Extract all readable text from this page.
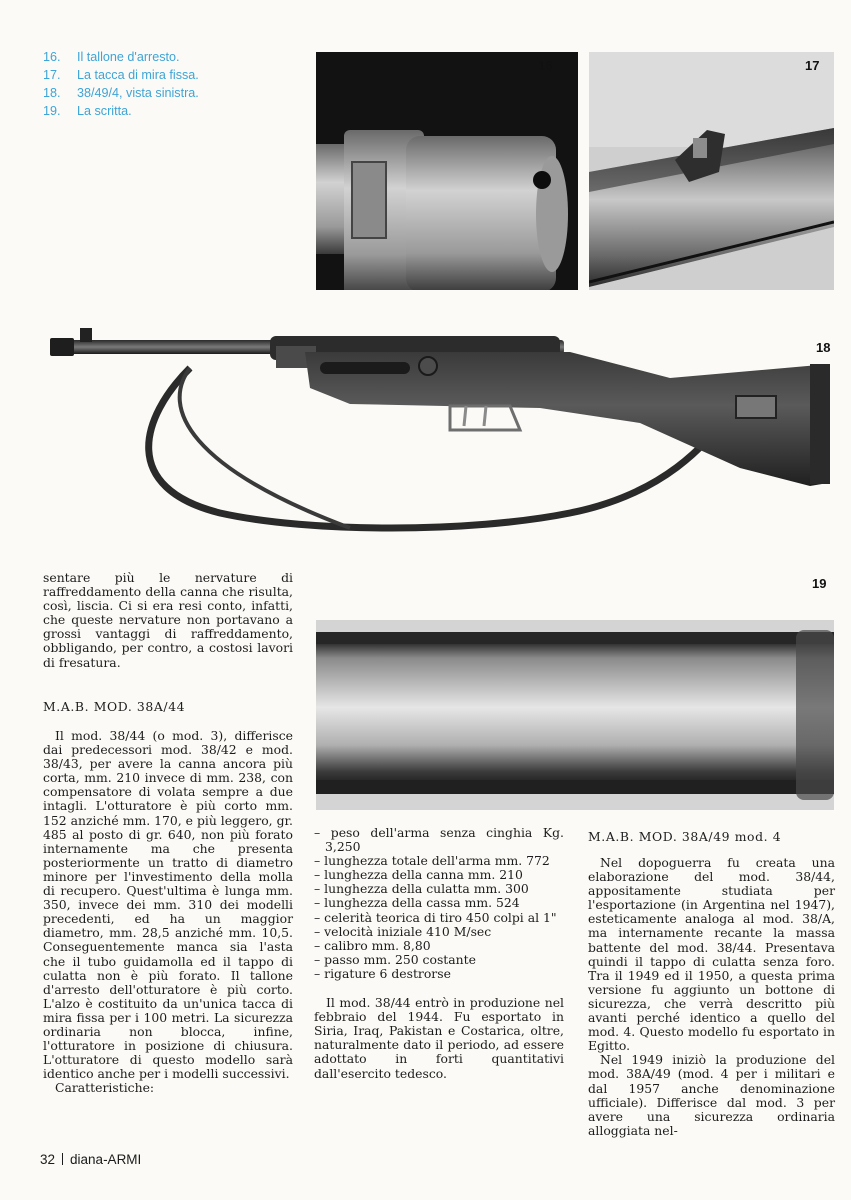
16. Il tallone d'arresto.
17. La tacca di mira fissa.
18. 38/49/4, vista sinistra.
19. La scritta.
16	17
18
19

sentare più le nervature di raffreddamento della canna che risulta, così, liscia. Ci si era resi conto, infatti, che queste nervature non portavano a grossi vantaggi di raffreddamento, obbligando, per contro, a costosi lavori di fresatura.

M.A.B. MOD. 38A/44

Il mod. 38/44 (o mod. 3), differisce dai predecessori mod. 38/42 e mod. 38/43, per avere la canna ancora più corta, mm. 210 invece di mm. 238, con compensatore di volata sempre a due intagli. L'otturatore è più corto mm. 152 anziché mm. 170, e più leggero, gr. 485 al posto di gr. 640, non più forato internamente ma che presenta posteriormente un tratto di diametro minore per l'investimento della molla di recupero. Quest'ultima è lunga mm. 350, invece dei mm. 310 dei modelli precedenti, ed ha un maggior diametro, mm. 28,5 anziché mm. 10,5. Conseguentemente manca sia l'asta che il tubo guidamolla ed il tappo di culatta non è più forato. Il tallone d'arresto dell'otturatore è più corto. L'alzo è costituito da un'unica tacca di mira fissa per i 100 metri. La sicurezza ordinaria non blocca, infine, l'otturatore in posizione di chiusura. L'otturatore di questo modello sarà identico anche per i modelli successivi.

Caratteristiche:

– peso dell'arma senza cinghia Kg. 3,250
– lunghezza totale dell'arma mm. 772
– lunghezza della canna mm. 210
– lunghezza della culatta mm. 300
– lunghezza della cassa mm. 524
– celerità teorica di tiro 450 colpi al 1"
– velocità iniziale 410 M/sec
– calibro mm. 8,80
– passo mm. 250 costante
– rigature 6 destrorse

Il mod. 38/44 entrò in produzione nel febbraio del 1944. Fu esportato in Siria, Iraq, Pakistan e Costarica, oltre, naturalmente dato il periodo, ad essere adottato in forti quantitativi dall'esercito tedesco.

M.A.B. MOD. 38A/49 mod. 4

Nel dopoguerra fu creata una elaborazione del mod. 38/44, appositamente studiata per l'esportazione (in Argentina nel 1947), esteticamente analoga al mod. 38/A, ma internamente recante la massa battente del mod. 38/44. Presentava quindi il tappo di culatta senza foro. Tra il 1949 ed il 1950, a questa prima versione fu aggiunto un bottone di sicurezza, che verrà descritto più avanti perché identico a quello del mod. 4. Questo modello fu esportato in Egitto.

Nel 1949 iniziò la produzione del mod. 38A/49 (mod. 4 per i militari e dal 1957 anche denominazione ufficiale). Differisce dal mod. 3 per avere una sicurezza ordinaria alloggiata nel-

32 diana-ARMI
